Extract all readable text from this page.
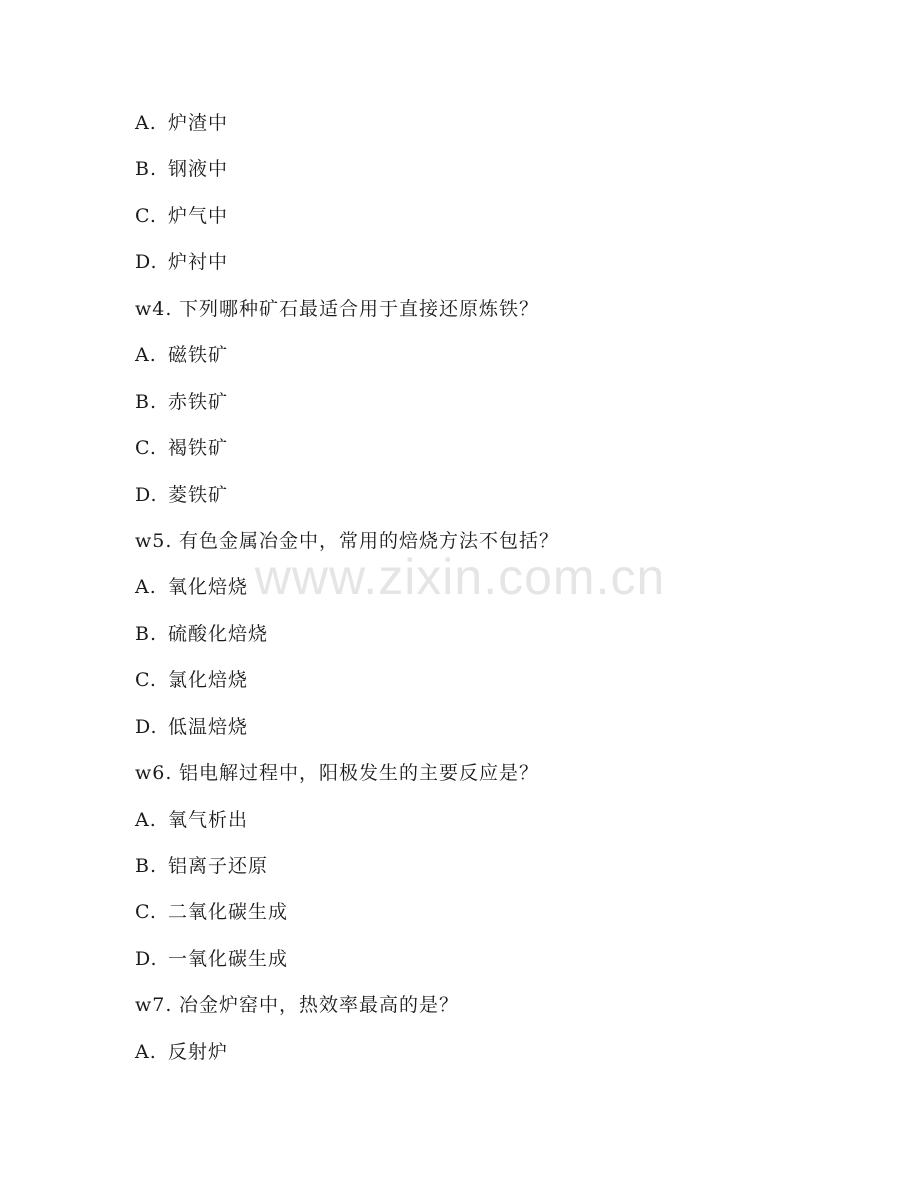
A. 炉渣中
B. 钢液中
C. 炉气中
D. 炉衬中
w4. 下列哪种矿石最适合用于直接还原炼铁？
A. 磁铁矿
B. 赤铁矿
C. 褐铁矿
D. 菱铁矿
w5. 有色金属冶金中，常用的焙烧方法不包括？
A. 氧化焙烧
B. 硫酸化焙烧
C. 氯化焙烧
D. 低温焙烧
w6. 铝电解过程中，阳极发生的主要反应是？
A. 氧气析出
B. 铝离子还原
C. 二氧化碳生成
D. 一氧化碳生成
w7. 冶金炉窑中，热效率最高的是？
A. 反射炉
www.zixin.com.cn
